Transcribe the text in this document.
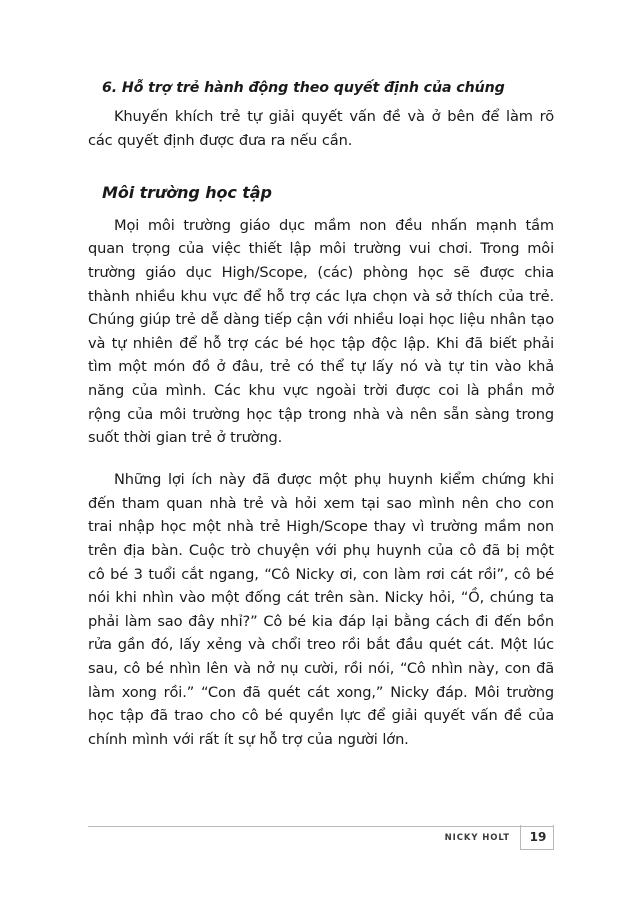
6. Hỗ trợ trẻ hành động theo quyết định của chúng

Khuyến khích trẻ tự giải quyết vấn đề và ở bên để làm rõ các quyết định được đưa ra nếu cần.

Môi trường học tập

Mọi môi trường giáo dục mầm non đều nhấn mạnh tầm quan trọng của việc thiết lập môi trường vui chơi. Trong môi trường giáo dục High/Scope, (các) phòng học sẽ được chia thành nhiều khu vực để hỗ trợ các lựa chọn và sở thích của trẻ. Chúng giúp trẻ dễ dàng tiếp cận với nhiều loại học liệu nhân tạo và tự nhiên để hỗ trợ các bé học tập độc lập. Khi đã biết phải tìm một món đồ ở đâu, trẻ có thể tự lấy nó và tự tin vào khả năng của mình. Các khu vực ngoài trời được coi là phần mở rộng của môi trường học tập trong nhà và nên sẵn sàng trong suốt thời gian trẻ ở trường.

Những lợi ích này đã được một phụ huynh kiểm chứng khi đến tham quan nhà trẻ và hỏi xem tại sao mình nên cho con trai nhập học một nhà trẻ High/Scope thay vì trường mầm non trên địa bàn. Cuộc trò chuyện với phụ huynh của cô đã bị một cô bé 3 tuổi cắt ngang, “Cô Nicky ơi, con làm rơi cát rồi”, cô bé nói khi nhìn vào một đống cát trên sàn. Nicky hỏi, “Ồ, chúng ta phải làm sao đây nhỉ?” Cô bé kia đáp lại bằng cách đi đến bồn rửa gần đó, lấy xẻng và chổi treo rồi bắt đầu quét cát. Một lúc sau, cô bé nhìn lên và nở nụ cười, rồi nói, “Cô nhìn này, con đã làm xong rồi.” “Con đã quét cát xong,” Nicky đáp. Môi trường học tập đã trao cho cô bé quyền lực để giải quyết vấn đề của chính mình với rất ít sự hỗ trợ của người lớn.

NICKY HOLT	19
